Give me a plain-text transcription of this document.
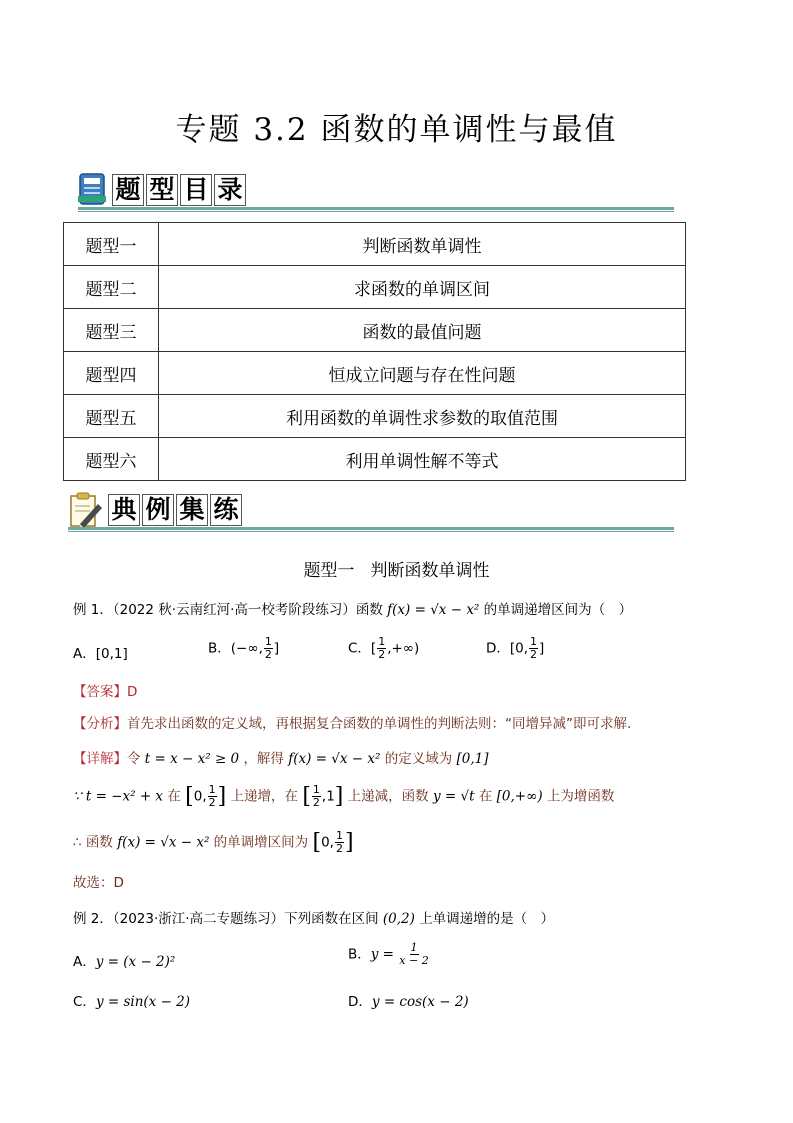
专题 3.2 函数的单调性与最值
题 型 目 录
题型一	判断函数单调性
题型二	求函数的单调区间
题型三	函数的最值问题
题型四	恒成立问题与存在性问题
题型五	利用函数的单调性求参数的取值范围
题型六	利用单调性解不等式
典 例 集 练
题型一 判断函数单调性
例 1．（2022 秋·云南红河·高一校考阶段练习）函数 f(x) = √x − x² 的单调递增区间为（　）
A．[0,1]	B．(−∞, $\frac{1}{2}$ ]	C．[ $\frac{1}{2}$ ,+∞)	D．[0, $\frac{1}{2}$ ]
【答案】D
【分析】首先求出函数的定义域，再根据复合函数的单调性的判断法则：“同增异减”即可求解.
【详解】令 t = x − x² ≥ 0 ，解得 f(x) = √x − x² 的定义域为 [0,1]
∵ t = −x² + x 在 [0, $\frac{1}{2}$ ] 上递增，在 [ $\frac{1}{2} ,1$] 上递减，函数 y = √t 在 [0,+∞) 上为增函数
∴ 函数 f(x) = √x − x² 的单调增区间为 [0, $\frac{1}{2}$ ]
故选：D
例 2．（2023·浙江·高二专题练习）下列函数在区间 (0,2) 上单调递增的是（　）
A．y = (x − 2)²	B．$y = \frac{1}{x - 2}$
C．y = sin(x − 2)	D．y = cos(x − 2)
